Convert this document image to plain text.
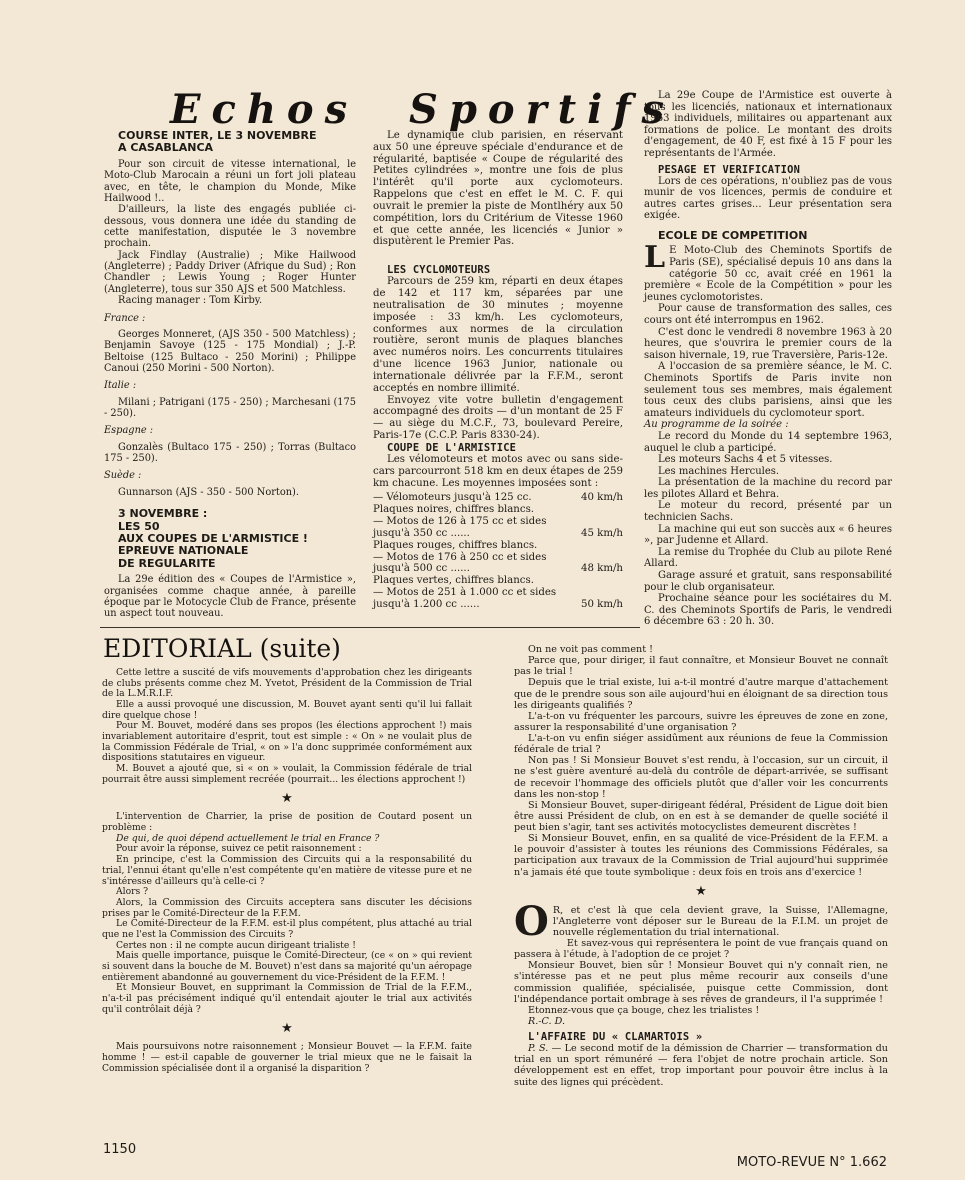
Echos Sportifs

COURSE INTER, LE 3 NOVEMBRE

A CASABLANCA

Pour son circuit de vitesse international, le Moto-Club Marocain a réuni un fort joli plateau avec, en tête, le champion du Monde, Mike Hailwood !..

D'ailleurs, la liste des engagés publiée ci-dessous, vous donnera une idée du standing de cette manifestation, disputée le 3 novembre prochain.

Jack Findlay (Australie) ; Mike Hailwood (Angleterre) ; Paddy Driver (Afrique du Sud) ; Ron Chandler ; Lewis Young ; Roger Hunter (Angleterre), tous sur 350 AJS et 500 Matchless.

Racing manager : Tom Kirby.

France :

Georges Monneret, (AJS 350 - 500 Matchless) ; Benjamin Savoye (125 - 175 Mondial) ; J.-P. Beltoise (125 Bultaco - 250 Morini) ; Philippe Canoui (250 Morini - 500 Norton).

Italie :

Milani ; Patrigani (175 - 250) ; Marchesani (175 - 250).

Espagne :

Gonzalès (Bultaco 175 - 250) ; Torras (Bultaco 175 - 250).

Suède :

Gunnarson (AJS - 350 - 500 Norton).

3 NOVEMBRE :

LES 50

AUX COUPES DE L'ARMISTICE !

EPREUVE NATIONALE

DE REGULARITE

La 29e édition des « Coupes de l'Armistice », organisées comme chaque année, à pareille époque par le Motocycle Club de France, présente un aspect tout nouveau.

Le dynamique club parisien, en réservant aux 50 une épreuve spéciale d'endurance et de régularité, baptisée « Coupe de régularité des Petites cylindrées », montre une fois de plus l'intérêt qu'il porte aux cyclomoteurs. Rappelons que c'est en effet le M. C. F. qui ouvrait le premier la piste de Montlhéry aux 50 compétition, lors du Critérium de Vitesse 1960 et que cette année, les licenciés « Junior » disputèrent le Premier Pas.

LES CYCLOMOTEURS

Parcours de 259 km, réparti en deux étapes de 142 et 117 km, séparées par une neutralisation de 30 minutes ; moyenne imposée : 33 km/h. Les cyclomoteurs, conformes aux normes de la circulation routière, seront munis de plaques blanches avec numéros noirs. Les concurrents titulaires d'une licence 1963 Junior, nationale ou internationale délivrée par la F.F.M., seront acceptés en nombre illimité.

Envoyez vite votre bulletin d'engagement accompagné des droits — d'un montant de 25 F — au siège du M.C.F., 73, boulevard Pereire, Paris-17e (C.C.P. Paris 8330-24).

COUPE DE L'ARMISTICE

Les vélomoteurs et motos avec ou sans side-cars parcourront 518 km en deux étapes de 259 km chacune. Les moyennes imposées sont :

— Vélomoteurs jusqu'à 125 cc.	40 km/h
Plaques noires, chiffres blancs.
— Motos de 126 à 175 cc et sides jusqu'à 350 cc ......	45 km/h
Plaques rouges, chiffres blancs.
— Motos de 176 à 250 cc et sides jusqu'à 500 cc ......	48 km/h
Plaques vertes, chiffres blancs.
— Motos de 251 à 1.000 cc et sides jusqu'à 1.200 cc ......	50 km/h

La 29e Coupe de l'Armistice est ouverte à tous les licenciés, nationaux et internationaux 1963 individuels, militaires ou appartenant aux formations de police. Le montant des droits d'engagement, de 40 F, est fixé à 15 F pour les représentants de l'Armée.

PESAGE ET VERIFICATION

Lors de ces opérations, n'oubliez pas de vous munir de vos licences, permis de conduire et autres cartes grises... Leur présentation sera exigée.

ECOLE DE COMPETITION

L E Moto-Club des Cheminots Sportifs de Paris (SE), spécialisé depuis 10 ans dans la catégorie 50 cc, avait créé en 1961 la première « Ecole de la Compétition » pour les jeunes cyclomotoristes.

Pour cause de transformation des salles, ces cours ont été interrompus en 1962.

C'est donc le vendredi 8 novembre 1963 à 20 heures, que s'ouvrira le premier cours de la saison hivernale, 19, rue Traversière, Paris-12e.

A l'occasion de sa première séance, le M. C. Cheminots Sportifs de Paris invite non seulement tous ses membres, mais également tous ceux des clubs parisiens, ainsi que les amateurs individuels du cyclomoteur sport.

Au programme de la soirée :

Le record du Monde du 14 septembre 1963, auquel le club a participé.

Les moteurs Sachs 4 et 5 vitesses.

Les machines Hercules.

La présentation de la machine du record par les pilotes Allard et Behra.

Le moteur du record, présenté par un technicien Sachs.

La machine qui eut son succès aux « 6 heures », par Judenne et Allard.

La remise du Trophée du Club au pilote René Allard.

Garage assuré et gratuit, sans responsabilité pour le club organisateur.

Prochaine séance pour les sociétaires du M. C. des Cheminots Sportifs de Paris, le vendredi 6 décembre 63 : 20 h. 30.

EDITORIAL (suite)

Cette lettre a suscité de vifs mouvements d'approbation chez les dirigeants de clubs présents comme chez M. Yvetot, Président de la Commission de Trial de la L.M.R.I.F.

Elle a aussi provoqué une discussion, M. Bouvet ayant senti qu'il lui fallait dire quelque chose !

Pour M. Bouvet, modéré dans ses propos (les élections approchent !) mais invariablement autoritaire d'esprit, tout est simple : « On » ne voulait plus de la Commission Fédérale de Trial, « on » l'a donc supprimée conformément aux dispositions statutaires en vigueur.

M. Bouvet a ajouté que, si « on » voulait, la Commission fédérale de trial pourrait être aussi simplement recréée (pourrait... les élections approchent !)

★

L'intervention de Charrier, la prise de position de Coutard posent un problème :

De qui, de quoi dépend actuellement le trial en France ?

Pour avoir la réponse, suivez ce petit raisonnement :

En principe, c'est la Commission des Circuits qui a la responsabilité du trial, l'ennui étant qu'elle n'est compétente qu'en matière de vitesse pure et ne s'intéresse d'ailleurs qu'à celle-ci ?

Alors ?

Alors, la Commission des Circuits acceptera sans discuter les décisions prises par le Comité-Directeur de la F.F.M.

Le Comité-Directeur de la F.F.M. est-il plus compétent, plus attaché au trial que ne l'est la Commission des Circuits ?

Certes non : il ne compte aucun dirigeant trialiste !

Mais quelle importance, puisque le Comité-Directeur, (ce « on » qui revient si souvent dans la bouche de M. Bouvet) n'est dans sa majorité qu'un aéropage entièrement abandonné au gouvernement du vice-Président de la F.F.M. !

Et Monsieur Bouvet, en supprimant la Commission de Trial de la F.F.M., n'a-t-il pas précisément indiqué qu'il entendait ajouter le trial aux activités qu'il contrôlait déjà ?

★

Mais poursuivons notre raisonnement ; Monsieur Bouvet — la F.F.M. faite homme ! — est-il capable de gouverner le trial mieux que ne le faisait la Commission spécialisée dont il a organisé la disparition ?

On ne voit pas comment !

Parce que, pour diriger, il faut connaître, et Monsieur Bouvet ne connaît pas le trial !

Depuis que le trial existe, lui a-t-il montré d'autre marque d'attachement que de le prendre sous son aile aujourd'hui en éloignant de sa direction tous les dirigeants qualifiés ?

L'a-t-on vu fréquenter les parcours, suivre les épreuves de zone en zone, assurer la responsabilité d'une organisation ?

L'a-t-on vu enfin siéger assidûment aux réunions de feue la Commission fédérale de trial ?

Non pas ! Si Monsieur Bouvet s'est rendu, à l'occasion, sur un circuit, il ne s'est guère aventuré au-delà du contrôle de départ-arrivée, se suffisant de recevoir l'hommage des officiels plutôt que d'aller voir les concurrents dans les non-stop !

Si Monsieur Bouvet, super-dirigeant fédéral, Président de Ligue doit bien être aussi Président de club, on en est à se demander de quelle société il peut bien s'agir, tant ses activités motocyclistes demeurent discrètes !

Si Monsieur Bouvet, enfin, en sa qualité de vice-Président de la F.F.M. a le pouvoir d'assister à toutes les réunions des Commissions Fédérales, sa participation aux travaux de la Commission de Trial aujourd'hui supprimée n'a jamais été que toute symbolique : deux fois en trois ans d'exercice !

★

O R, et c'est là que cela devient grave, la Suisse, l'Allemagne, l'Angleterre vont déposer sur le Bureau de la F.I.M. un projet de nouvelle réglementation du trial international.

Et savez-vous qui représentera le point de vue français quand on passera à l'étude, à l'adoption de ce projet ?

Monsieur Bouvet, bien sûr ! Monsieur Bouvet qui n'y connaît rien, ne s'intéresse pas et ne peut plus même recourir aux conseils d'une commission qualifiée, spécialisée, puisque cette Commission, dont l'indépendance portait ombrage à ses rêves de grandeurs, il l'a supprimée !

Etonnez-vous que ça bouge, chez les trialistes !

R.-C. D.

L'AFFAIRE DU « CLAMARTOIS »

P. S. — Le second motif de la démission de Charrier — transformation du trial en un sport rémunéré — fera l'objet de notre prochain article. Son développement est en effet, trop important pour pouvoir être inclus à la suite des lignes qui précèdent.

1150
MOTO-REVUE N° 1.662
